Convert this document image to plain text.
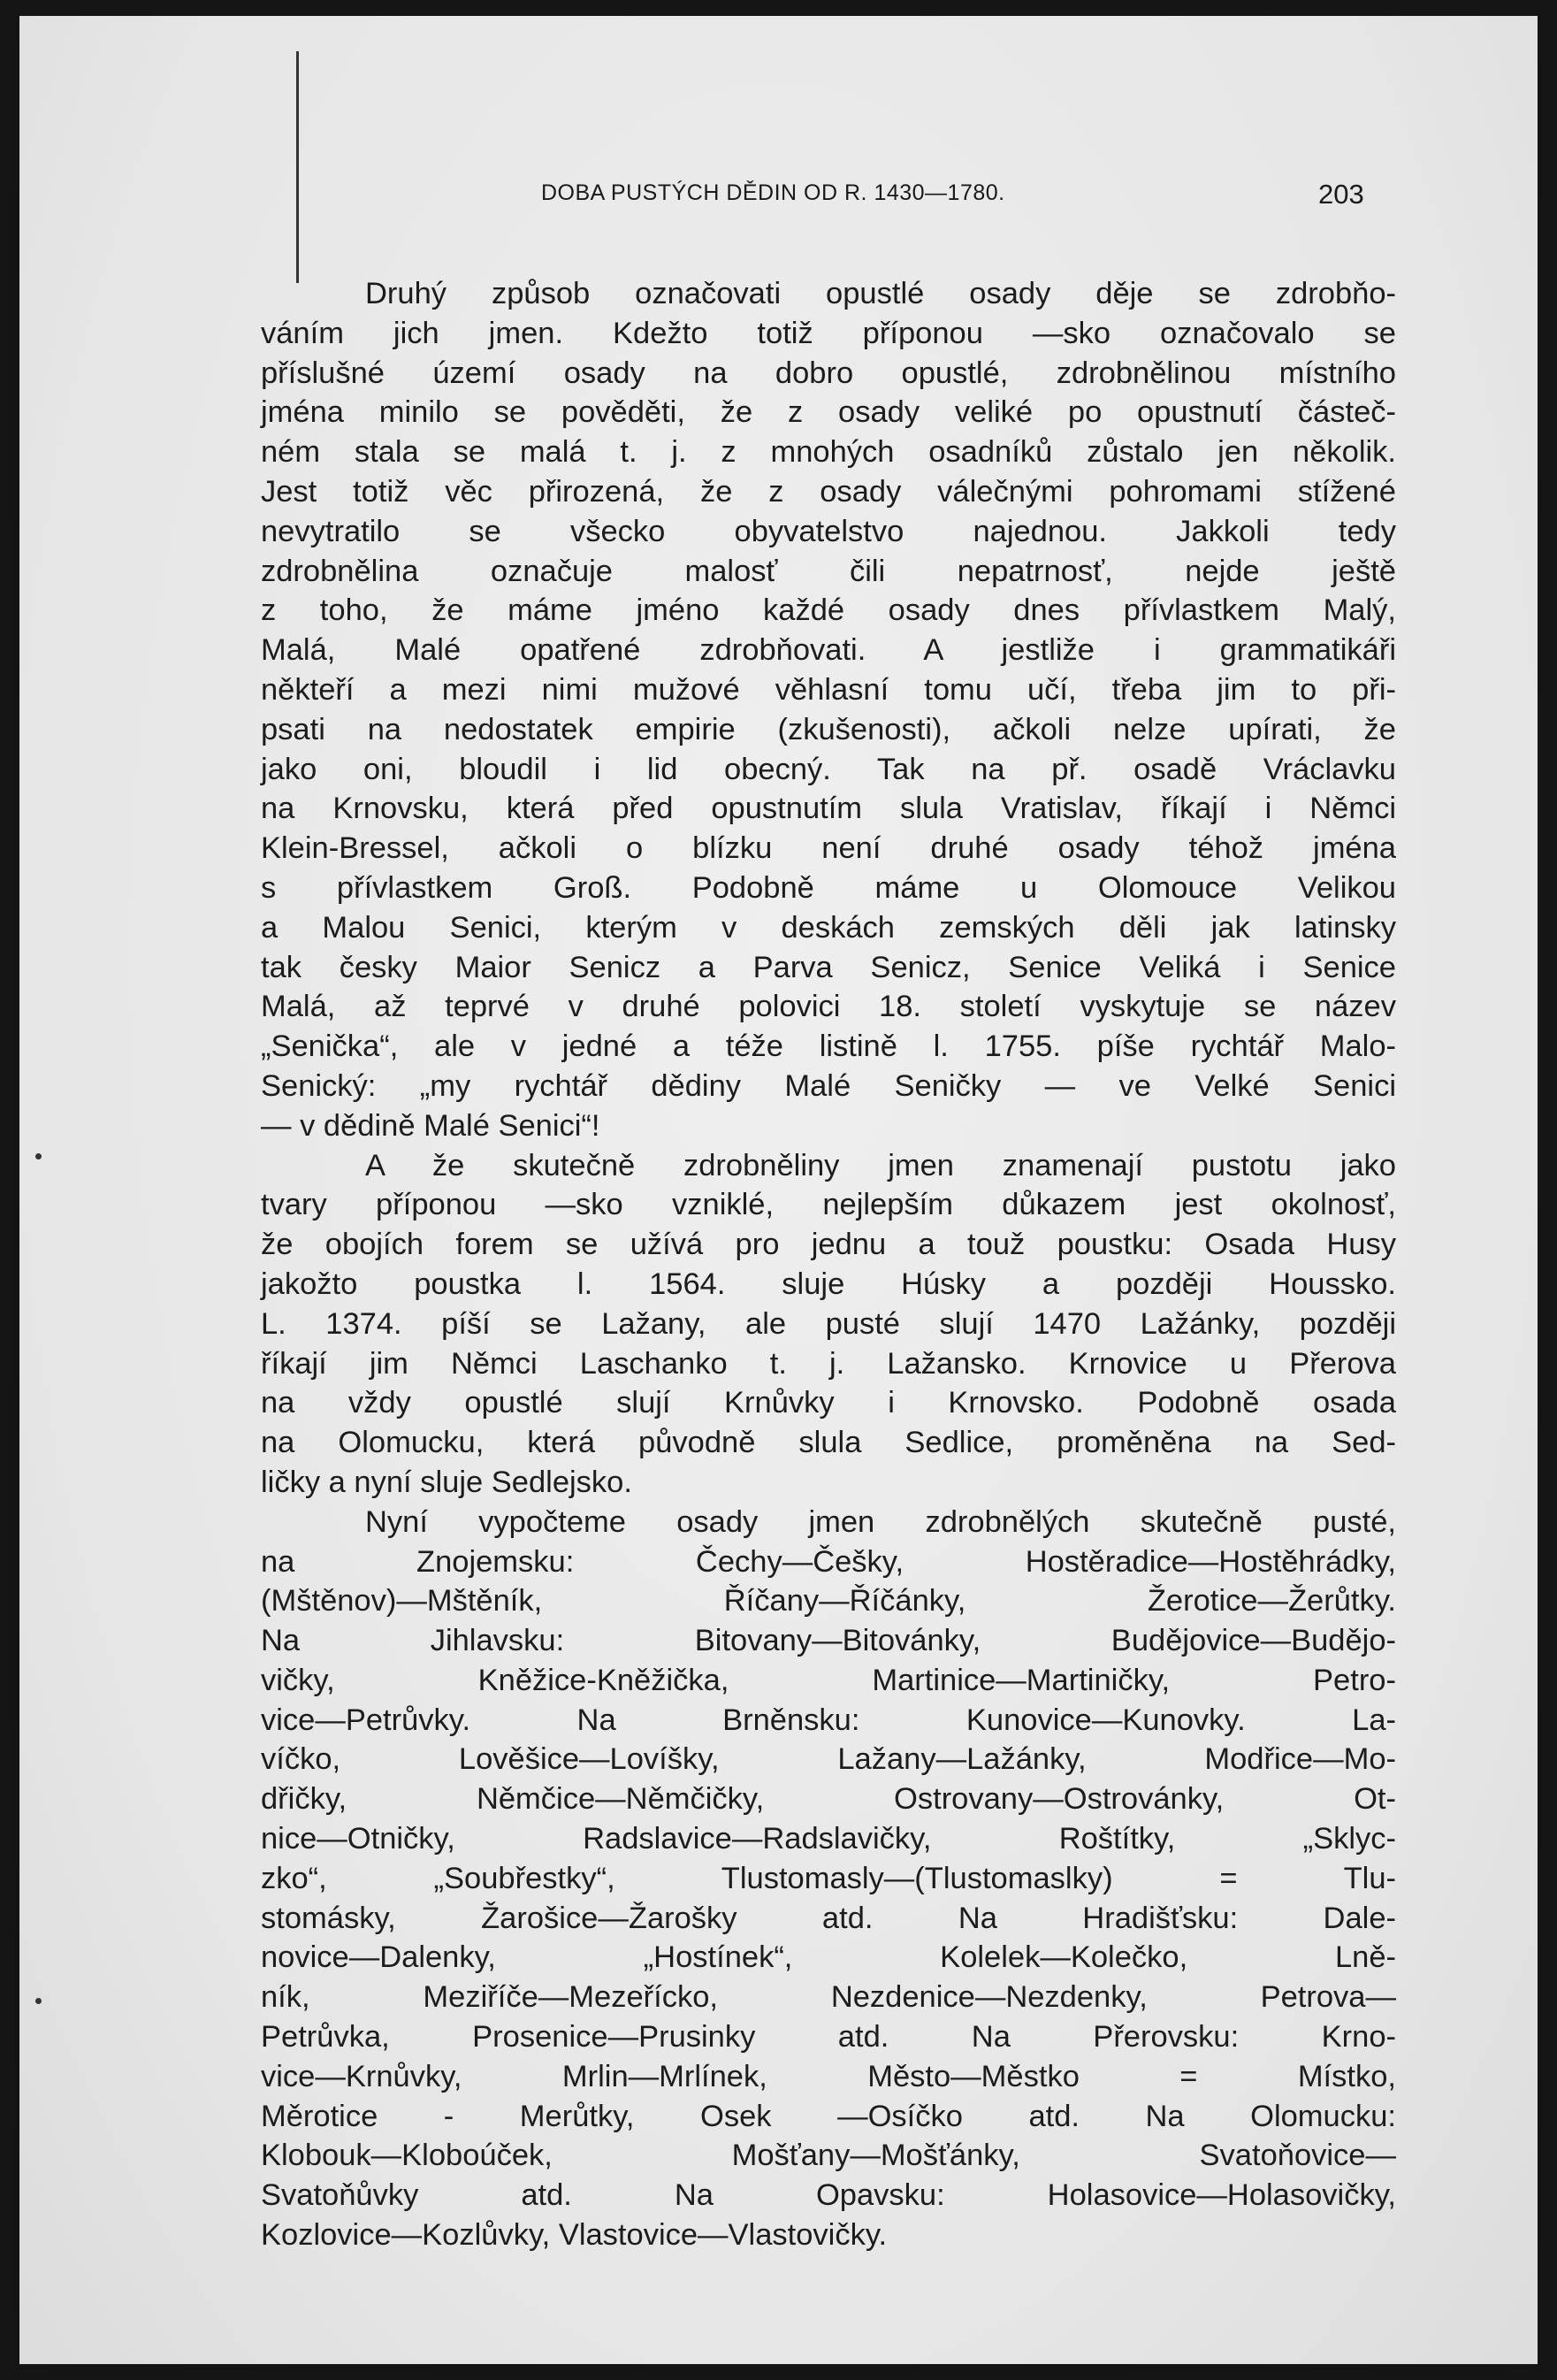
DOBA PUSTÝCH DĚDIN OD R. 1430—1780.	203
Druhý způsob označovati opustlé osady děje se zdrobňo-
váním jich jmen. Kdežto totiž příponou —sko označovalo se
příslušné území osady na dobro opustlé, zdrobnělinou místního
jména minilo se pověděti, že z osady veliké po opustnutí částeč-
ném stala se malá t. j. z mnohých osadníků zůstalo jen několik.
Jest totiž věc přirozená, že z osady válečnými pohromami stížené
nevytratilo se všecko obyvatelstvo najednou. Jakkoli tedy
zdrobnělina označuje malosť čili nepatrnosť, nejde ještě
z toho, že máme jméno každé osady dnes přívlastkem Malý,
Malá, Malé opatřené zdrobňovati. A jestliže i grammatikáři
někteří a mezi nimi mužové věhlasní tomu učí, třeba jim to při-
psati na nedostatek empirie (zkušenosti), ačkoli nelze upírati, že
jako oni, bloudil i lid obecný. Tak na př. osadě Vráclavku
na Krnovsku, která před opustnutím slula Vratislav, říkají i Němci
Klein-Bressel, ačkoli o blízku není druhé osady téhož jména
s přívlastkem Groß. Podobně máme u Olomouce Velikou
a Malou Senici, kterým v deskách zemských děli jak latinsky
tak česky Maior Senicz a Parva Senicz, Senice Veliká i Senice
Malá, až teprvé v druhé polovici 18. století vyskytuje se název
„Senička“, ale v jedné a téže listině l. 1755. píše rychtář Malo-
Senický: „my rychtář dědiny Malé Seničky — ve Velké Senici
— v dědině Malé Senici“!
A že skutečně zdrobněliny jmen znamenají pustotu jako
tvary příponou —sko vzniklé, nejlepším důkazem jest okolnosť,
že obojích forem se užívá pro jednu a touž poustku: Osada Husy
jakožto poustka l. 1564. sluje Húsky a později Houssko.
L. 1374. píší se Lažany, ale pusté slují 1470 Lažánky, později
říkají jim Němci Laschanko t. j. Lažansko. Krnovice u Přerova
na vždy opustlé slují Krnůvky i Krnovsko. Podobně osada
na Olomucku, která původně slula Sedlice, proměněna na Sed-
ličky a nyní sluje Sedlejsko.
Nyní vypočteme osady jmen zdrobnělých skutečně pusté,
na Znojemsku: Čechy—Češky, Hostěradice—Hostěhrádky,
(Mštěnov)—Mštěník, Říčany—Říčánky, Žerotice—Žerůtky.
Na Jihlavsku: Bitovany—Bitovánky, Budějovice—Budějo-
vičky, Kněžice-Kněžička, Martinice—Martiničky, Petro-
vice—Petrůvky. Na Brněnsku: Kunovice—Kunovky. La-
víčko, Lověšice—Lovíšky, Lažany—Lažánky, Modřice—Mo-
dřičky, Němčice—Němčičky, Ostrovany—Ostrovánky, Ot-
nice—Otničky, Radslavice—Radslavičky, Roštítky, „Sklyc-
zko“, „Soubřestky“, Tlustomasly—(Tlustomaslky) = Tlu-
stomásky, Žarošice—Žarošky atd. Na Hradišťsku: Dale-
novice—Dalenky, „Hostínek“, Kolelek—Kolečko, Lně-
ník, Meziříče—Mezeřícko, Nezdenice—Nezdenky, Petrova—
Petrůvka, Prosenice—Prusinky atd. Na Přerovsku: Krno-
vice—Krnůvky, Mrlin—Mrlínek, Město—Městko = Místko,
Měrotice - Merůtky, Osek —Osíčko atd. Na Olomucku:
Klobouk—Kloboúček, Mošťany—Mošťánky, Svatoňovice—
Svatoňůvky atd. Na Opavsku: Holasovice—Holasovičky,
Kozlovice—Kozlůvky, Vlastovice—Vlastovičky.
